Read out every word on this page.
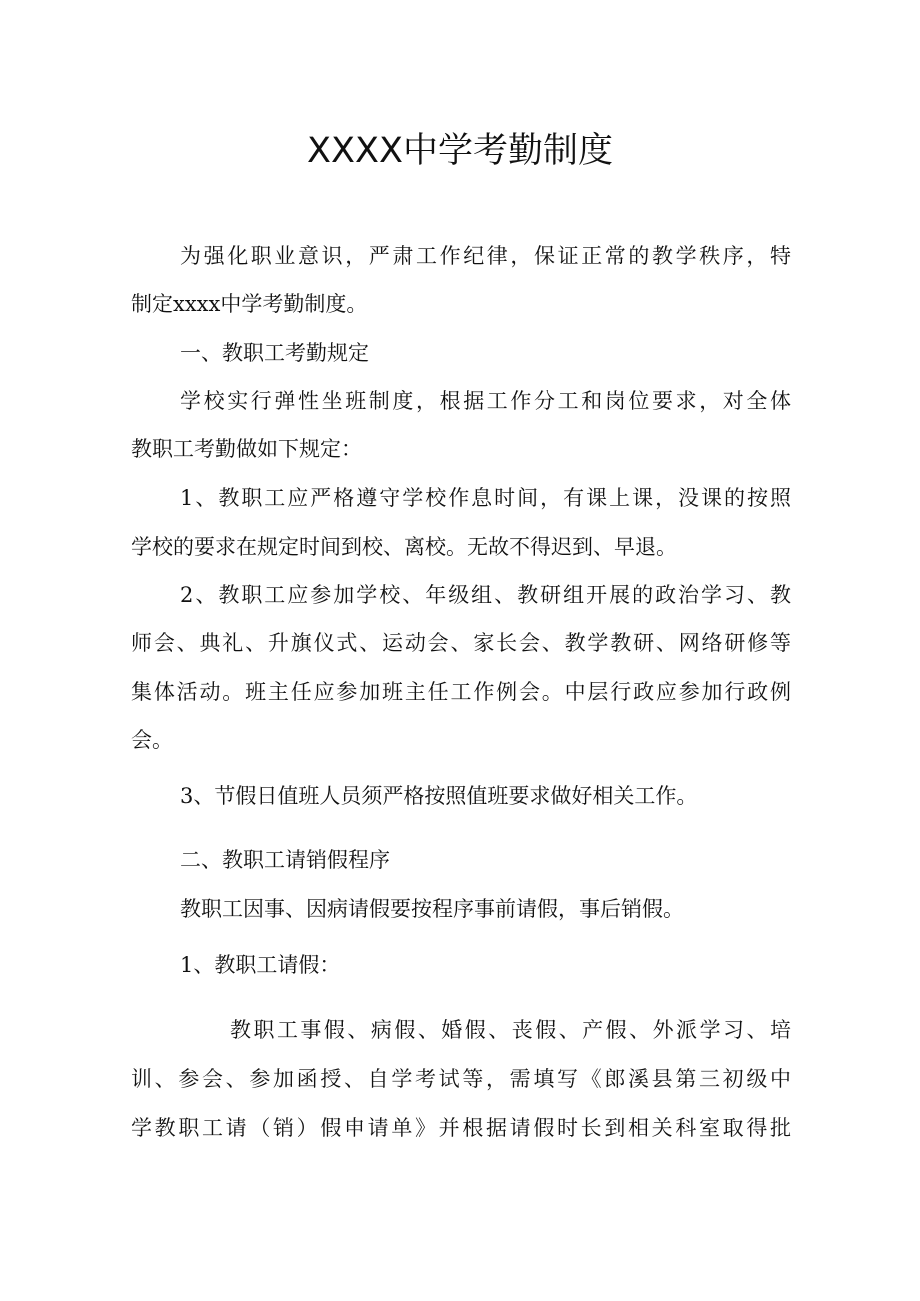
XXXX中学考勤制度
为强化职业意识，严肃工作纪律，保证正常的教学秩序，特
制定xxxx中学考勤制度。
一、教职工考勤规定
学校实行弹性坐班制度，根据工作分工和岗位要求，对全体
教职工考勤做如下规定：
1、教职工应严格遵守学校作息时间，有课上课，没课的按照
学校的要求在规定时间到校、离校。无故不得迟到、早退。
2、教职工应参加学校、年级组、教研组开展的政治学习、教
师会、典礼、升旗仪式、运动会、家长会、教学教研、网络研修等
集体活动。班主任应参加班主任工作例会。中层行政应参加行政例
会。
3、节假日值班人员须严格按照值班要求做好相关工作。
二、教职工请销假程序
教职工因事、因病请假要按程序事前请假，事后销假。
1、教职工请假：
教职工事假、病假、婚假、丧假、产假、外派学习、培
训、参会、参加函授、自学考试等，需填写《郎溪县第三初级中
学教职工请（销）假申请单》并根据请假时长到相关科室取得批
